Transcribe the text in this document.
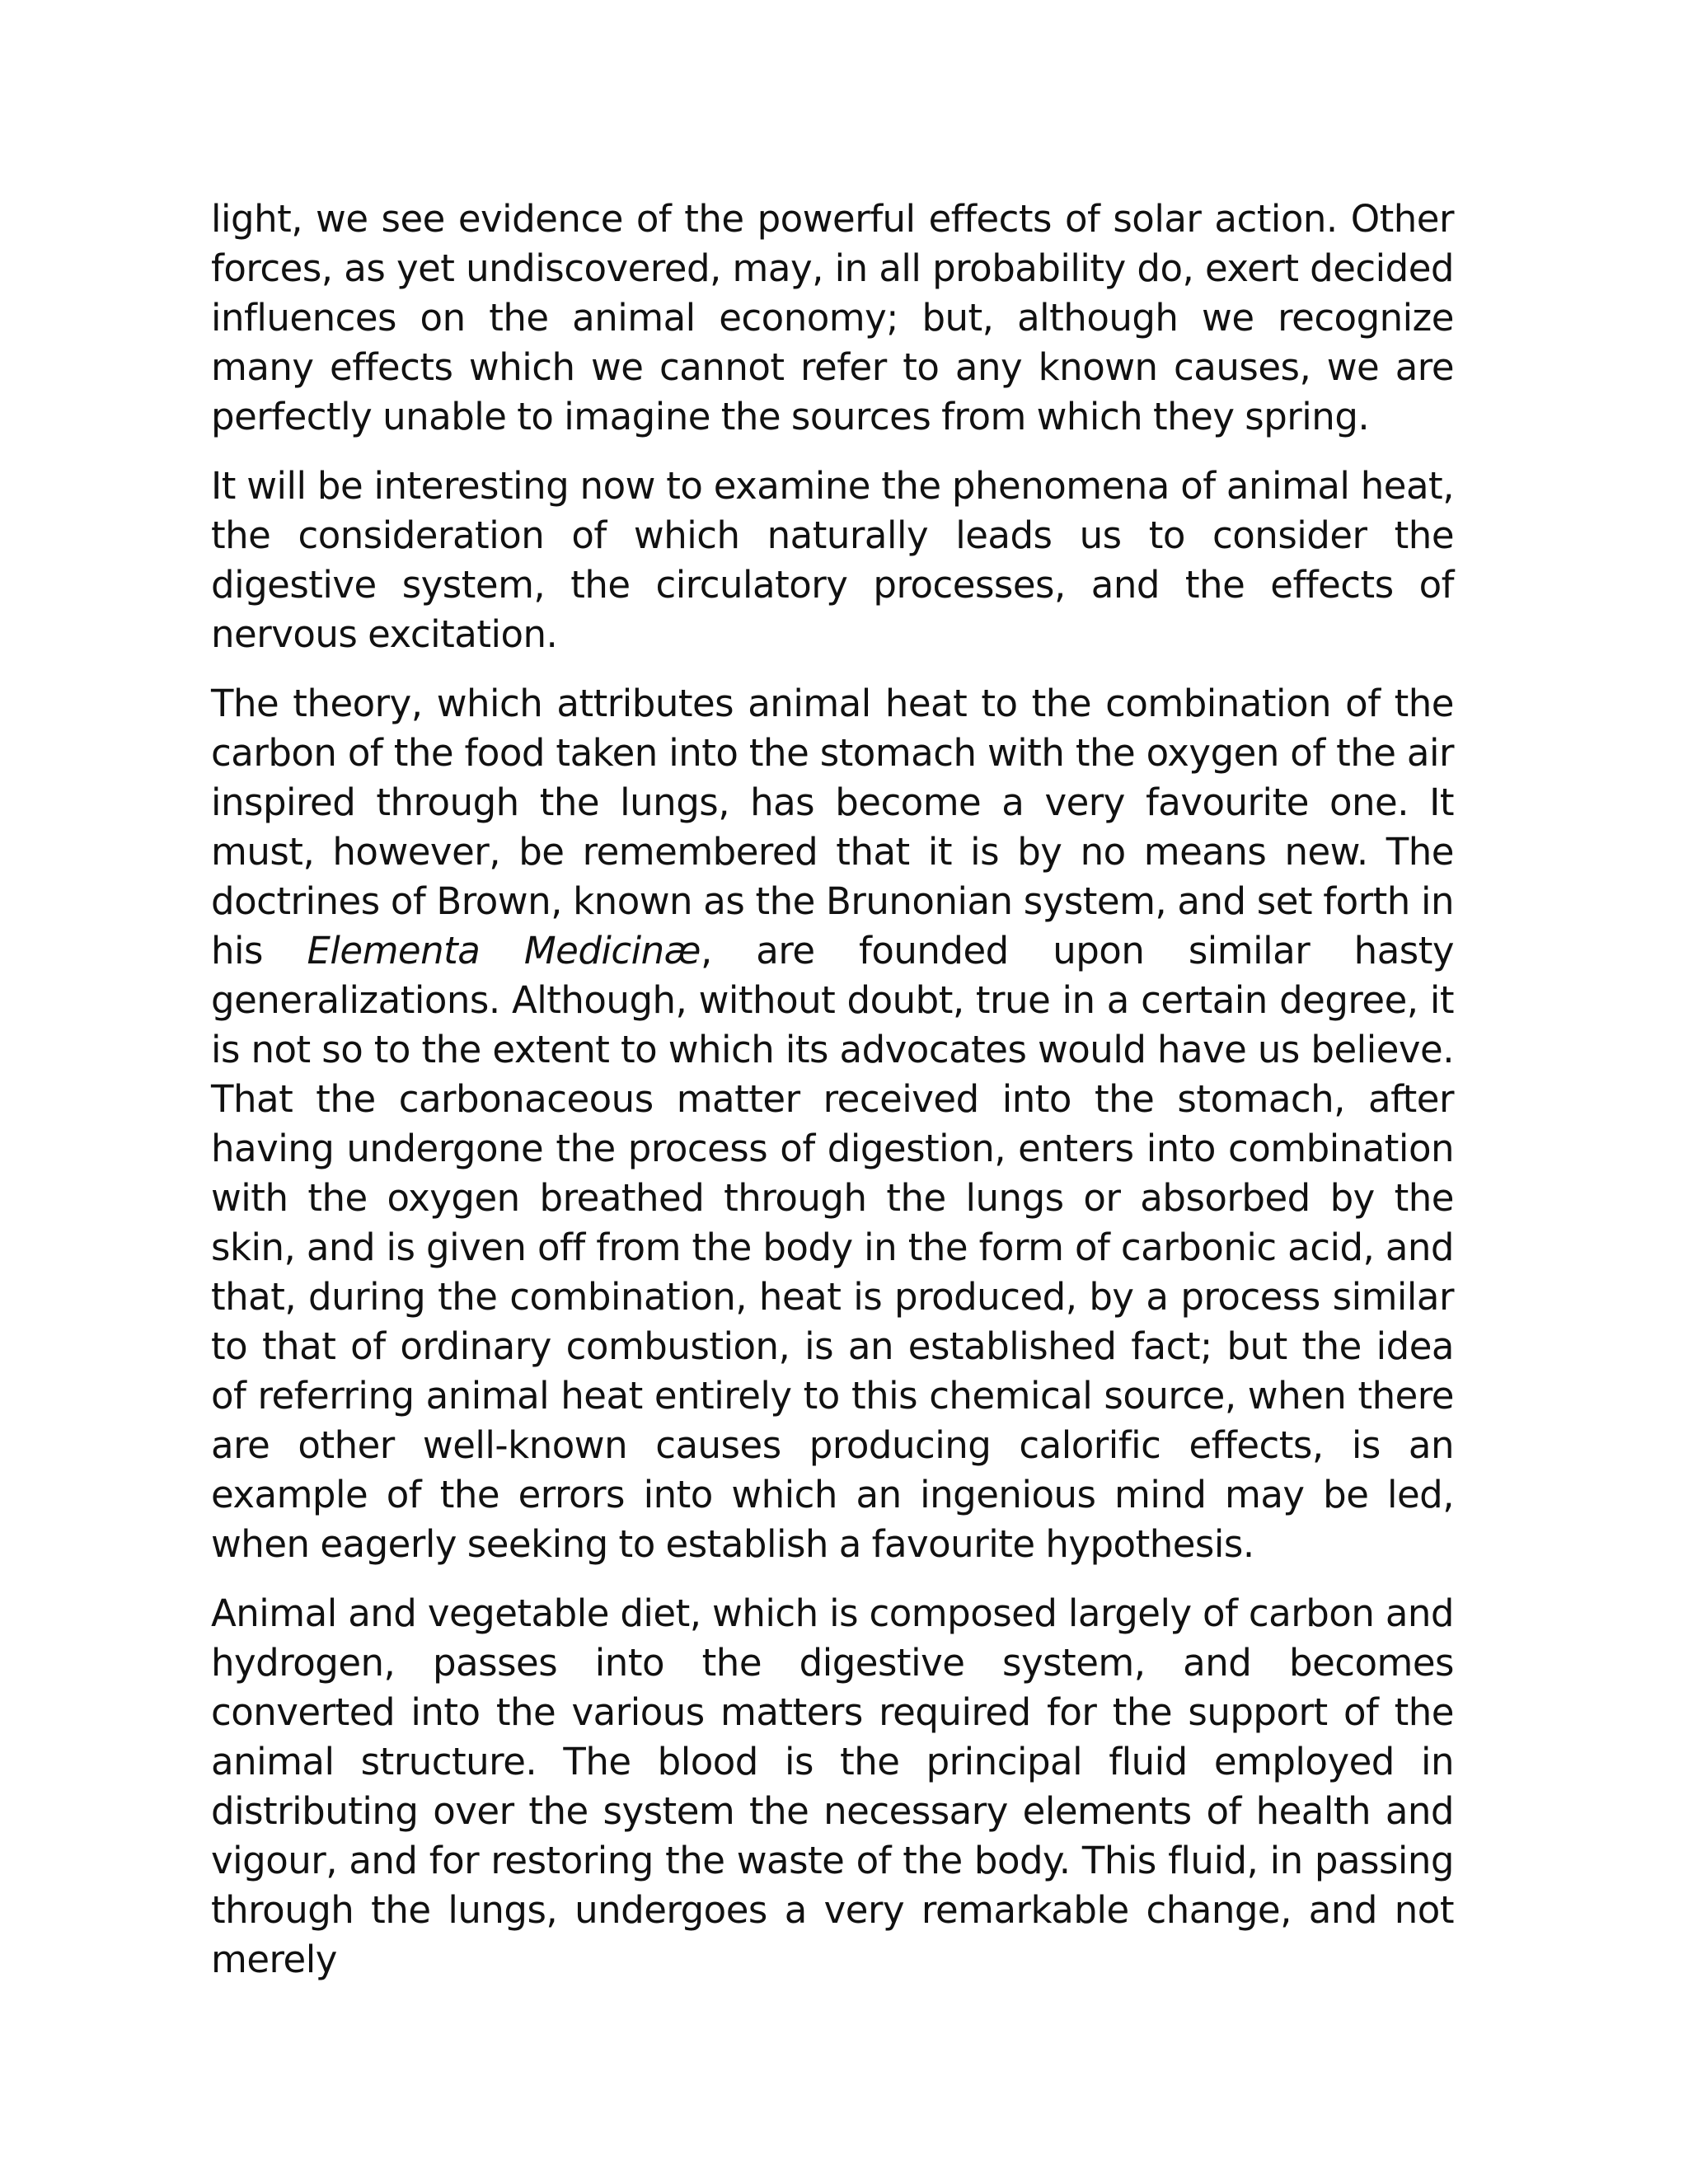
light, we see evidence of the powerful effects of solar action. Other forces, as yet undiscovered, may, in all probability do, exert decided influences on the animal economy; but, although we recognize many effects which we cannot refer to any known causes, we are perfectly unable to imagine the sources from which they spring.

It will be interesting now to examine the phenomena of animal heat, the consideration of which naturally leads us to consider the digestive system, the circulatory processes, and the effects of nervous excitation.

The theory, which attributes animal heat to the combination of the carbon of the food taken into the stomach with the oxygen of the air inspired through the lungs, has become a very favourite one. It must, however, be remembered that it is by no means new. The doctrines of Brown, known as the Brunonian system, and set forth in his Elementa Medicinæ, are founded upon similar hasty generalizations. Although, without doubt, true in a certain degree, it is not so to the extent to which its advocates would have us believe. That the carbonaceous matter received into the stomach, after having undergone the process of digestion, enters into combination with the oxygen breathed through the lungs or absorbed by the skin, and is given off from the body in the form of carbonic acid, and that, during the combination, heat is produced, by a process similar to that of ordinary combustion, is an established fact; but the idea of referring animal heat entirely to this chemical source, when there are other well-known causes producing calorific effects, is an example of the errors into which an ingenious mind may be led, when eagerly seeking to establish a favourite hypothesis.

Animal and vegetable diet, which is composed largely of carbon and hydrogen, passes into the digestive system, and becomes converted into the various matters required for the support of the animal structure. The blood is the principal fluid employed in distributing over the system the necessary elements of health and vigour, and for restoring the waste of the body. This fluid, in passing through the lungs, undergoes a very remarkable change, and not merely
